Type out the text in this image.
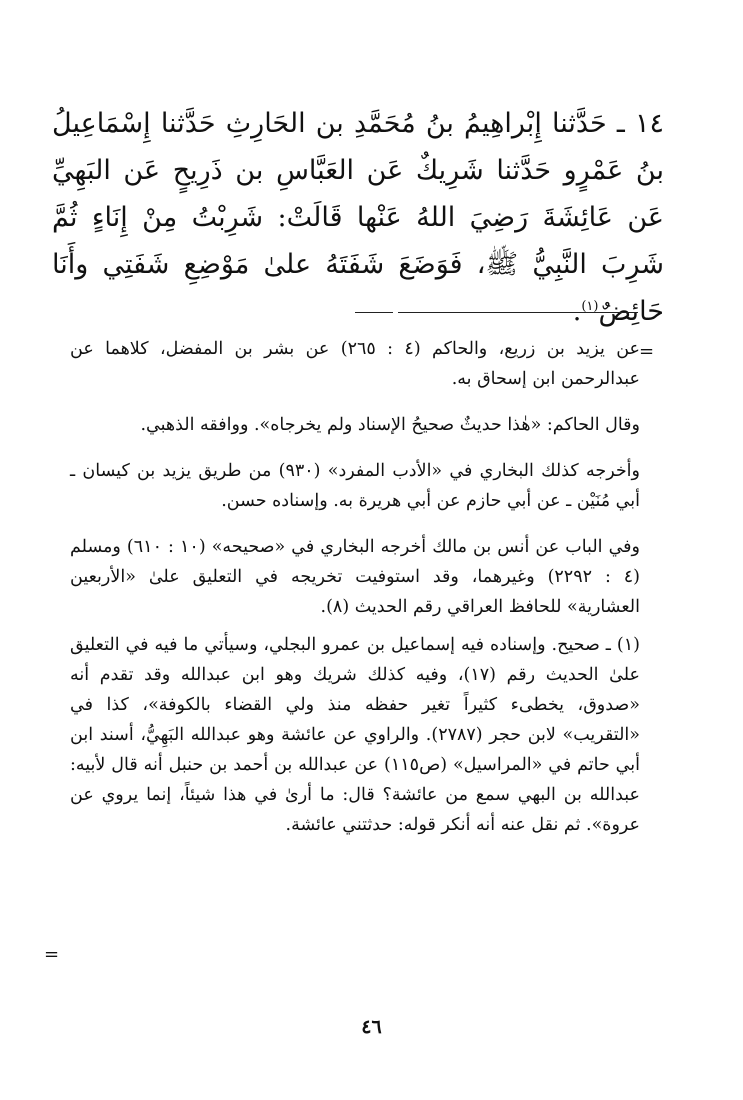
١٤ ـ حَدَّثنا إِبْراهِيمُ بنُ مُحَمَّدِ بن الحَارِثِ حَدَّثنا إِسْمَاعِيلُ بنُ عَمْرٍو حَدَّثنا شَرِيكٌ عَن العَبَّاسِ بن ذَرِيحٍ عَن البَهِيِّ عَن عَائِشَةَ رَضِيَ اللهُ عَنْها قَالَتْ: شَرِبْتُ مِنْ إِنَاءٍ ثُمَّ شَرِبَ النَّبِيُّ ﷺ، فَوَضَعَ شَفَتَهُ علىٰ مَوْضِعِ شَفَتِي وأَنَا حَائِضٌ$^{(١)}$.

=

عن يزيد بن زريع، والحاكم (٤ : ٢٦٥) عن بشر بن المفضل، كلاهما عن عبدالرحمن ابن إسحاق به.

وقال الحاكم: «هٰذا حديثٌ صحيحُ الإسناد ولم يخرجاه». ووافقه الذهبي.

وأخرجه كذلك البخاري في «الأدب المفرد» (٩٣٠) من طريق يزيد بن كيسان ـ أبي مُنَيْن ـ عن أبي حازم عن أبي هريرة به. وإسناده حسن.

وفي الباب عن أنس بن مالك أخرجه البخاري في «صحيحه» (١٠ : ٦١٠) ومسلم (٤ : ٢٢٩٢) وغيرهما، وقد استوفيت تخريجه في التعليق علىٰ «الأربعين العشارية» للحافظ العراقي رقم الحديث (٨).

(١) ـ صحيح. وإسناده فيه إسماعيل بن عمرو البجلي، وسيأتي ما فيه في التعليق علىٰ الحديث رقم (١٧)، وفيه كذلك شريك وهو ابن عبدالله وقد تقدم أنه «صدوق، يخطىء كثيراً تغير حفظه منذ ولي القضاء بالكوفة»، كذا في «التقريب» لابن حجر (٢٧٨٧). والراوي عن عائشة وهو عبدالله البَهِيُّ، أسند ابن أبي حاتم في «المراسيل» (ص١١٥) عن عبدالله بن أحمد بن حنبل أنه قال لأبيه: عبدالله بن البهي سمع من عائشة؟ قال: ما أرىٰ في هذا شيئاً، إنما يروي عن عروة». ثم نقل عنه أنه أنكر قوله: حدثتني عائشة.

=
٤٦
